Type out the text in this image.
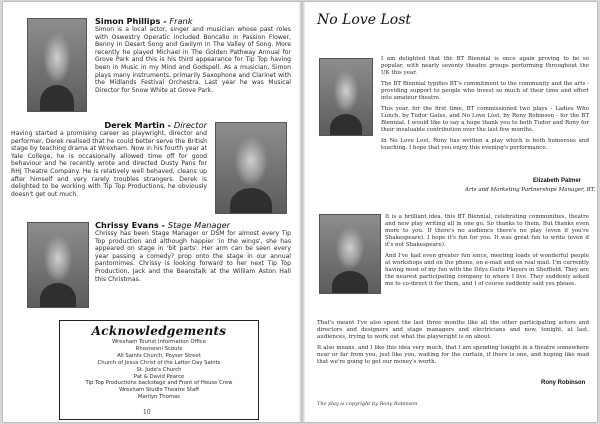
Simon Phillips - Frank
Simon is a local actor, singer and musician whose past roles with Oswestry Operatic included Boncalio in Passion Flower, Benny in Desert Song and Gwilym in The Valley of Song. More recently he played Michael in The Golden Pathway Annual for Grove Park and this is his third appearance for Tip Top having been in Music in my Mind and Godspell. As a musician, Simon plays many instruments, primarily Saxophone and Clarinet with the Midlands Festival Orchestra. Last year he was Musical Director for Snow White at Grove Park.
Derek Martin - Director
Having started a promising career as playwright, director and performer, Derek realised that he could better serve the British stage by teaching drama at Wrexham. Now in his fourth year at Yale College, he is occasionally allowed time off for good behaviour and he recently wrote and directed Dusty Pans for RHJ Theatre Company. He is relatively well behaved, cleans up after himself and very rarely troubles strangers. Derek is delighted to be working with Tip Top Productions, he obviously doesn't get out much.
Chrissy Evans - Stage Manager
Chrissy has been Stage Manager or DSM for almost every Tip Top production and although happier 'in the wings', she has appeared on stage in 'bit parts'. Her arm can be seen every year passing a comedy? prop onto the stage in our annual pantomimes. Chrissy is looking forward to her next Tip Top Production, Jack and the Beanstalk at the William Aston Hall this Christmas.
Acknowledgements
Wrexham Tourist Information Office
Rhosnesni Scouts
All Saints Church, Poyser Street
Church of Jesus Christ of the Latter Day Saints
St. Jude's Church
Pat & David Pearce
Tip Top Productions backstage and Front of House Crew
Wrexham Studio Theatre Staff
Marilyn Thomas
10
No Love Lost

I am delighted that the BT Biennial is once again proving to be so popular, with nearly seventy theatre groups performing throughout the UK this year.

The BT Biennial typifies BT's commitment to the community and the arts - providing support to people who invest so much of their time and effort into amateur theatre.

This year, for the first time, BT commissioned two plays - Ladies Who Lunch, by Tudor Gates, and No Love Lost, by Rony Robinson - for the BT Biennial. I would like to say a huge thank you to both Tudor and Rony for their invaluable contribution over the last few months.

In No Love Lost, Rony has written a play which is both humorous and touching. I hope that you enjoy this evening's performance.

Elizabeth Palmer
Arts and Marketing Partnerships Manager, BT.

It is a brilliant idea, this BT Biennial, celebrating communities, theatre and new play writing all in one go. So thanks to them. But thanks even more to you. If there's no audience there's no play (even if you're Shakespeare). I hope it's fun for you. It was great fun to write (even if it's not Shakespeare).

And I've had even greater fun since, meeting loads of wonderful people at workshops and on the phone, on e-mail and on real mail. I'm currently having most of my fun with the Dilys Guite Players in Sheffield. They are the nearest participating company to where I live. They suddenly asked me to co-direct it for them, and I of course suddenly said yes please.

That's meant I've also spent the last three months like all the other participating actors and directors and designers and stage managers and electricians and now, tonight, at last, audiences, trying to work out what the playwright is on about.

It also means, and I like this idea very much, that I am spending tonight in a theatre somewhere near or far from you, just like you, waiting for the curtain, if there is one, and hoping like mad that we're going to get our money's worth.

Rony Robinson
The play is copyright by Rony Robinson
